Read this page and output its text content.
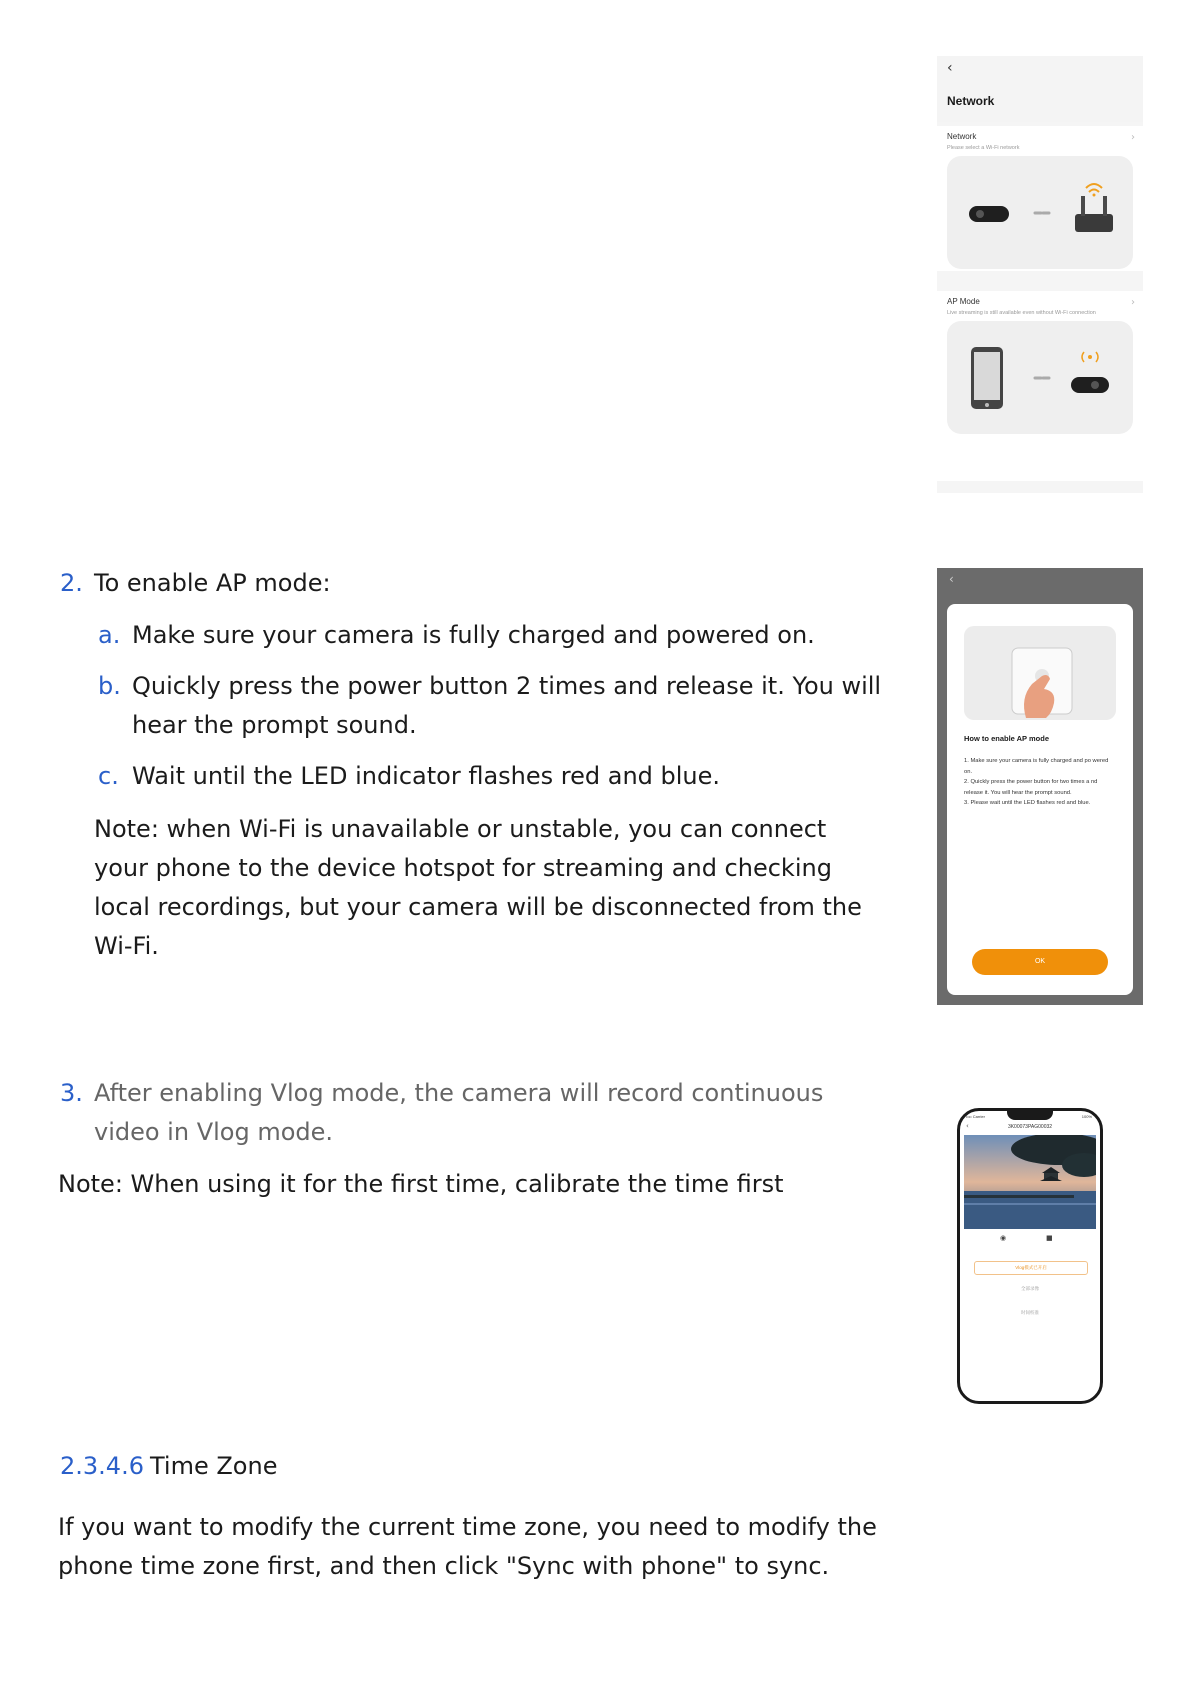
‹
Network
Network
Please select a Wi-Fi network
›
AP Mode
Live streaming is still available even without Wi-Fi connection
›
‹
How to enable AP mode
1. Make sure your camera is fully charged and po wered on.
2. Quickly press the power button for two times a nd release it. You will hear the prompt sound.
3. Please wait until the LED flashes red and blue.
OK
•••• Carrier	100%
‹	3K00073PAG00032
◉	■
Vlog模式已开启
全部录像
时间校准
2. To enable AP mode:
a. Make sure your camera is fully charged and powered on.
b. Quickly press the power button 2 times and release it. You will hear the prompt sound.
c. Wait until the LED indicator flashes red and blue.
Note: when Wi-Fi is unavailable or unstable, you can connect your phone to the device hotspot for streaming and checking local recordings, but your camera will be disconnected from the Wi-Fi.
3. After enabling Vlog mode, the camera will record continuous video in Vlog mode.
Note: When using it for the first time, calibrate the time first
2.3.4.6 Time Zone
If you want to modify the current time zone, you need to modify the phone time zone first, and then click "Sync with phone" to sync.
